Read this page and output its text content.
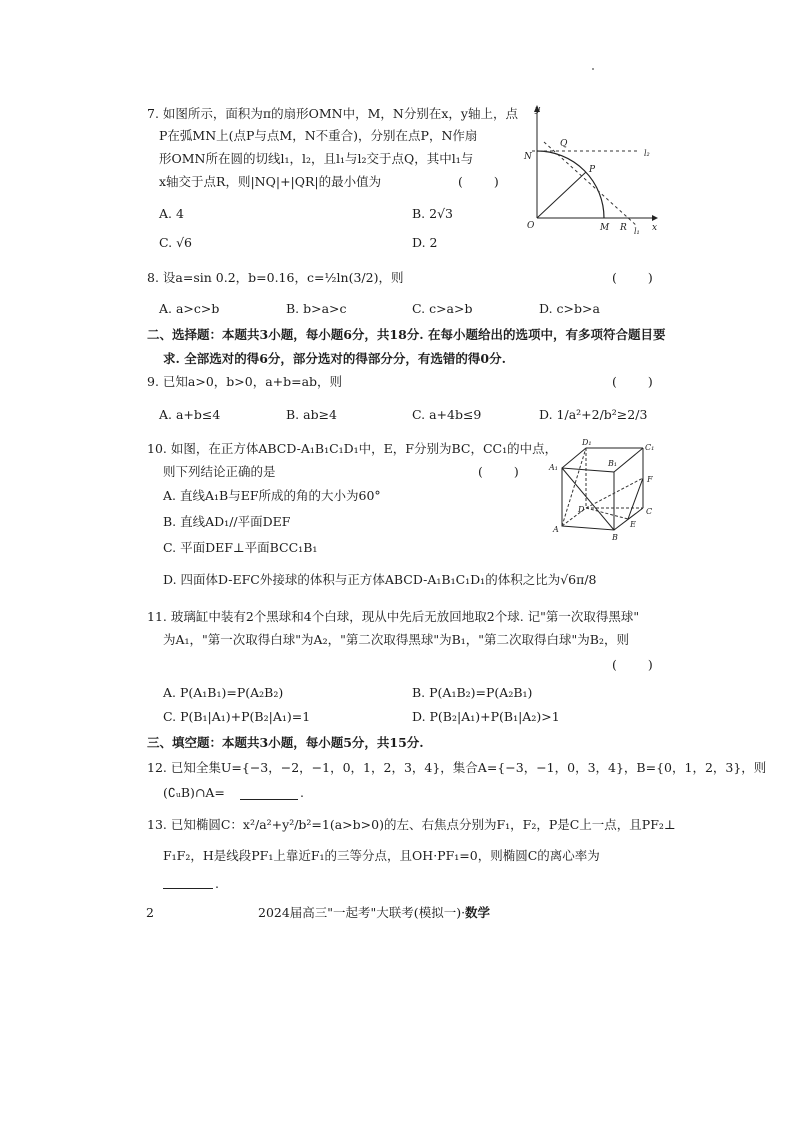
7. 如图所示，面积为π的扇形OMN中，M，N分别在x，y轴上，点
P在弧MN上(点P与点M，N不重合)，分别在点P，N作扇
形OMN所在圆的切线l₁，l₂，且l₁与l₂交于点Q，其中l₁与
x轴交于点R，则|NQ|+|QR|的最小值为	(　　)
A. 4	B. 2√3
C. √6	D. 2
y
x
O
N
M
P
Q
R l₁
l₂
8. 设a=sin 0.2，b=0.16，c=½ln(3/2)，则	(　　)
A. a>c>b	B. b>a>c	C. c>a>b	D. c>b>a
二、选择题：本题共3小题，每小题6分，共18分. 在每小题给出的选项中，有多项符合题目要
求. 全部选对的得6分，部分选对的得部分分，有选错的得0分.
9. 已知a>0，b>0，a+b=ab，则	(　　)
A. a+b≤4	B. ab≥4	C. a+4b≤9	D. 1/a²+2/b²≥2/3
10. 如图，在正方体ABCD-A₁B₁C₁D₁中，E，F分别为BC，CC₁的中点，
则下列结论正确的是	(　　)
A. 直线A₁B与EF所成的角的大小为60°
B. 直线AD₁//平面DEF
C. 平面DEF⊥平面BCC₁B₁
D. 四面体D-EFC外接球的体积与正方体ABCD-A₁B₁C₁D₁的体积之比为√6π/8
A₁
D₁
C₁
B₁
F
C
D
E
A
B
11. 玻璃缸中装有2个黑球和4个白球，现从中先后无放回地取2个球. 记"第一次取得黑球"
为A₁，"第一次取得白球"为A₂，"第二次取得黑球"为B₁，"第二次取得白球"为B₂，则
(　　)
A. P(A₁B₁)=P(A₂B₂)	B. P(A₁B₂)=P(A₂B₁)
C. P(B₁|A₁)+P(B₂|A₁)=1	D. P(B₂|A₁)+P(B₁|A₂)>1
三、填空题：本题共3小题，每小题5分，共15分.
12. 已知全集U={−3，−2，−1，0，1，2，3，4}，集合A={−3，−1，0，3，4}，B={0，1，2，3}，则
(∁ᵤB)∩A=	.
13. 已知椭圆C：x²/a²+y²/b²=1(a>b>0)的左、右焦点分别为F₁，F₂，P是C上一点，且PF₂⊥
F₁F₂，H是线段PF₁上靠近F₁的三等分点，且OH·PF₁=0，则椭圆C的离心率为
.
2	2024届高三"一起考"大联考(模拟一)·数学
